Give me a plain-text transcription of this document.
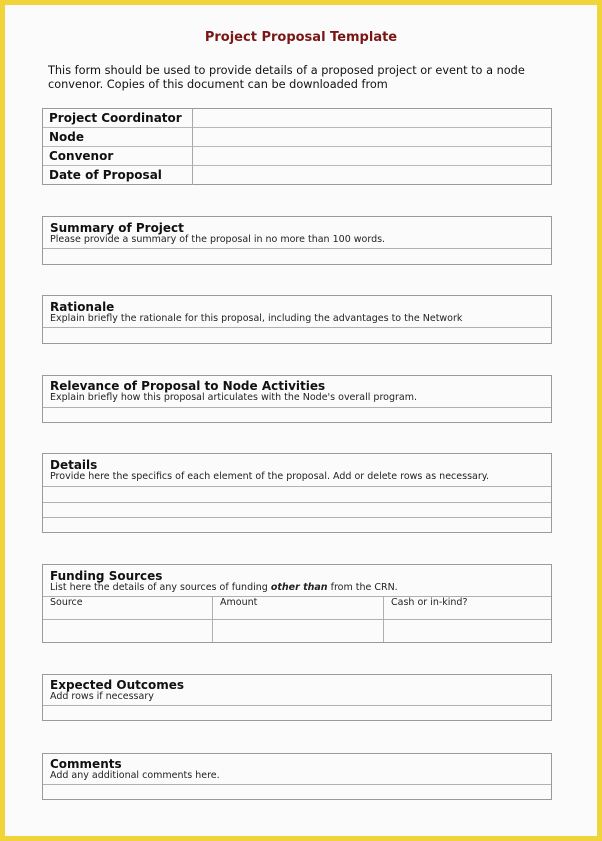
Project Proposal Template
This form should be used to provide details of a proposed project or event to a node convenor. Copies of this document can be downloaded from
Project Coordinator
Node
Convenor
Date of Proposal
Summary of Project
Please provide a summary of the proposal in no more than 100 words.
Rationale
Explain briefly the rationale for this proposal, including the advantages to the Network
Relevance of Proposal to Node Activities
Explain briefly how this proposal articulates with the Node's overall program.
Details
Provide here the specifics of each element of the proposal. Add or delete rows as necessary.
Funding Sources
List here the details of any sources of funding other than from the CRN.
Source	Amount	Cash or in-kind?
Expected Outcomes
Add rows if necessary
Comments
Add any additional comments here.
